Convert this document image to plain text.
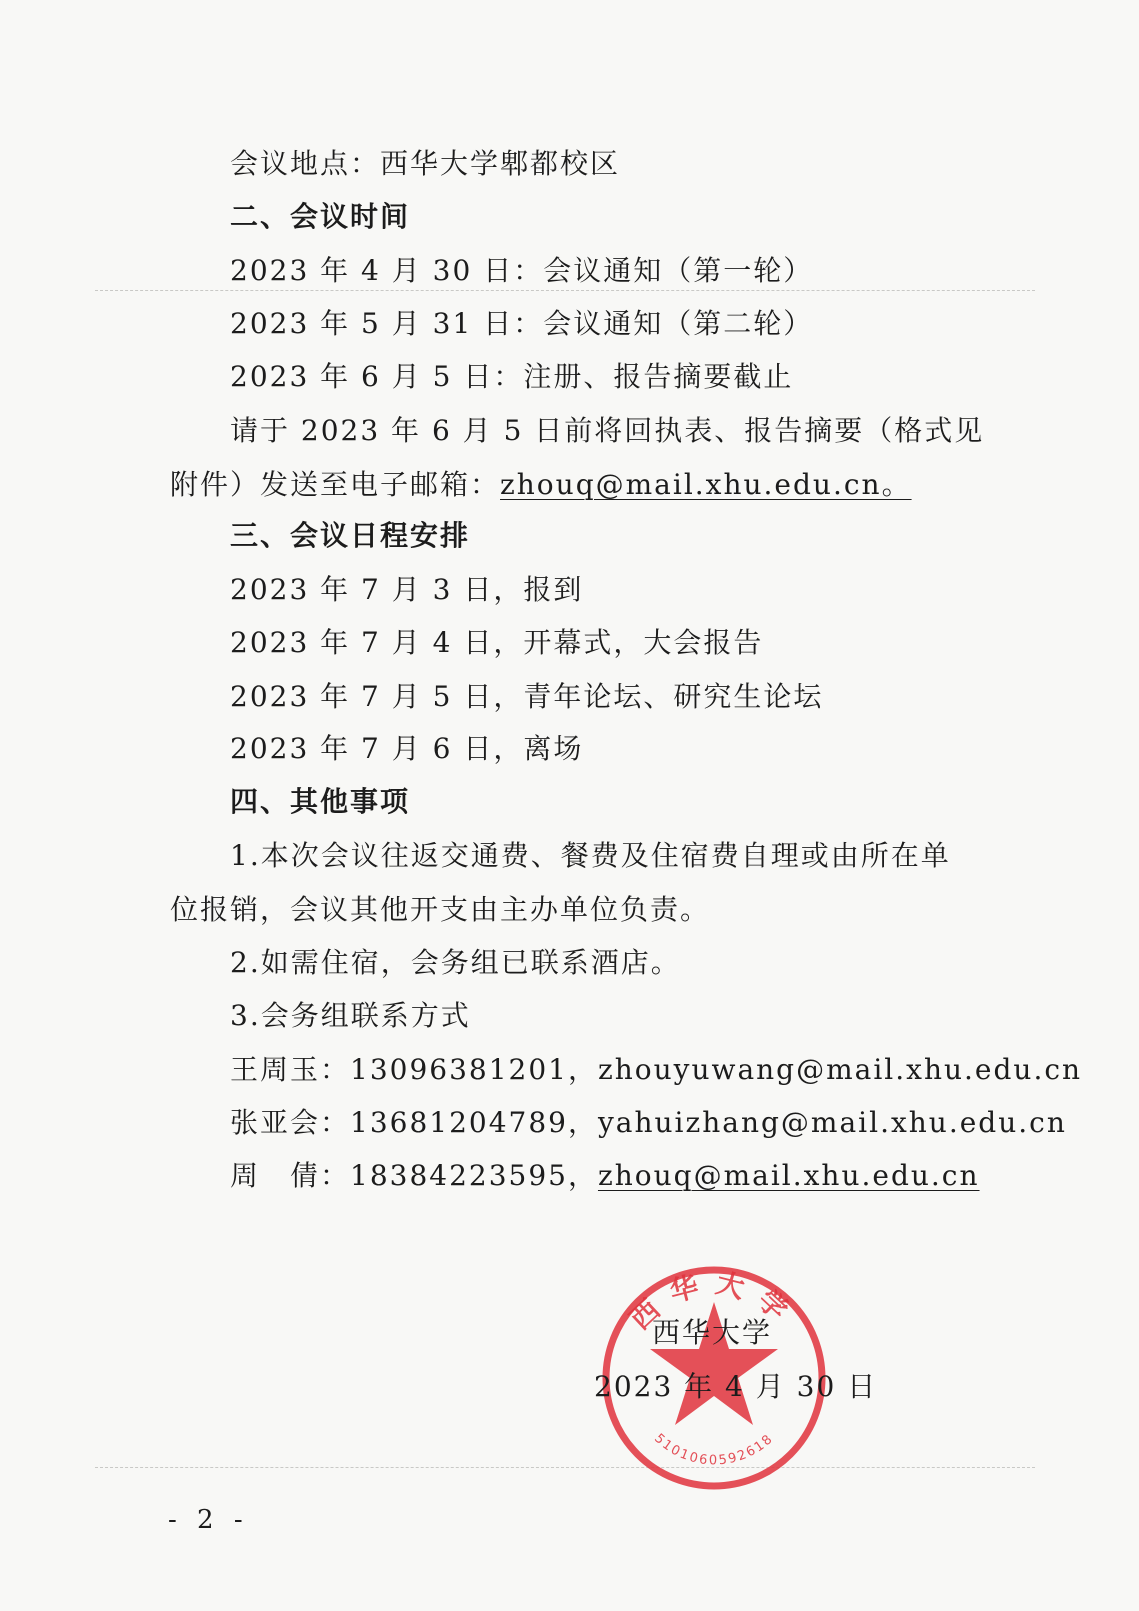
会议地点：西华大学郫都校区
二、会议时间
2023 年 4 月 30 日：会议通知（第一轮）
2023 年 5 月 31 日：会议通知（第二轮）
2023 年 6 月 5 日：注册、报告摘要截止
请于 2023 年 6 月 5 日前将回执表、报告摘要（格式见
附件）发送至电子邮箱：zhouq@mail.xhu.edu.cn。
三、会议日程安排
2023 年 7 月 3 日，报到
2023 年 7 月 4 日，开幕式，大会报告
2023 年 7 月 5 日，青年论坛、研究生论坛
2023 年 7 月 6 日，离场
四、其他事项
1.本次会议往返交通费、餐费及住宿费自理或由所在单
位报销，会议其他开支由主办单位负责。
2.如需住宿，会务组已联系酒店。
3.会务组联系方式
王周玉：13096381201，zhouyuwang@mail.xhu.edu.cn
张亚会：13681204789，yahuizhang@mail.xhu.edu.cn
周　倩：18384223595，zhouq@mail.xhu.edu.cn
西华大学
5101060592618
西华大学
2023 年 4 月 30 日
- 2 -
